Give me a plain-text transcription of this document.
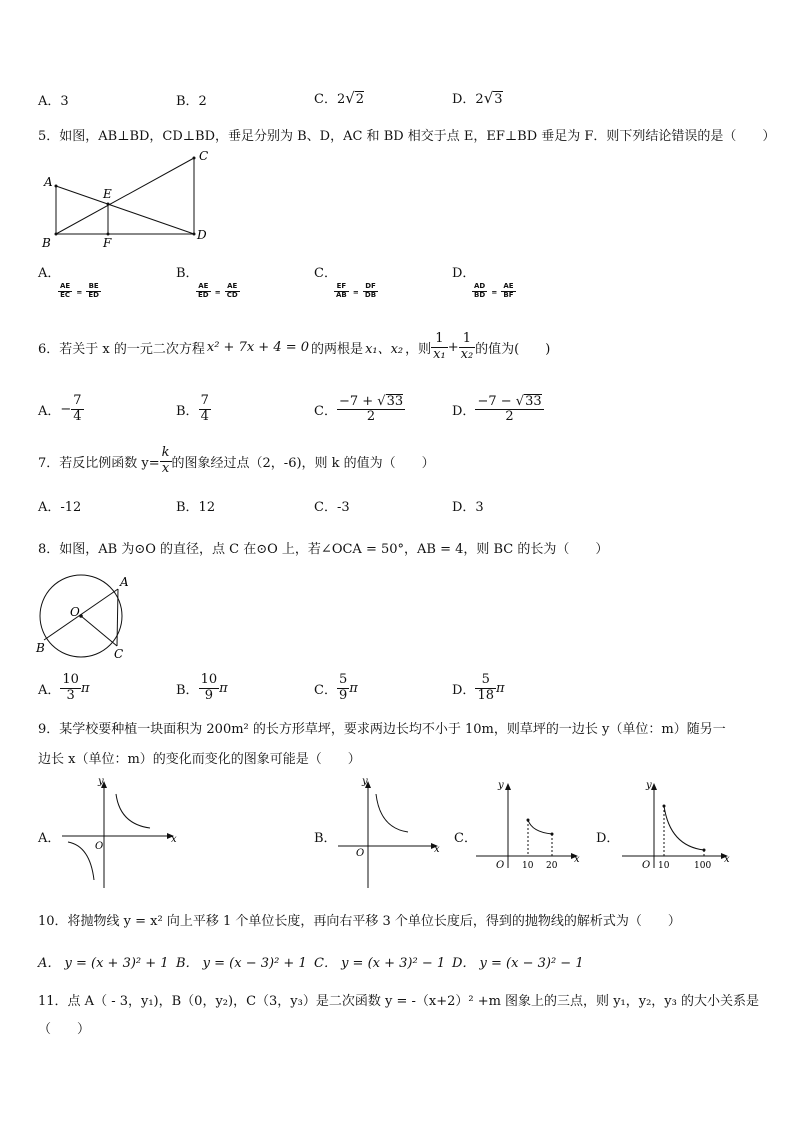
A．3	B．2	C．2√2	D．2√3
5．如图，AB⊥BD，CD⊥BD，垂足分别为 B、D，AC 和 BD 相交于点 E，EF⊥BD 垂足为 F．则下列结论错误的是（　　）
A
B
C
D
E
F
A．

$\frac{AE}{EC} = \frac{BE}{ED}$
B．

$\frac{AE}{ED} = \frac{AE}{CD}$
C．

$\frac{EF}{AB} = \frac{DF}{DB}$
D．

$\frac{AD}{BD} = \frac{AE}{BF}$
6．若关于 x 的一元二次方程 x² + 7x + 4 = 0 的两根是 x₁、x₂ ，则 $\frac{1}{\text{x₁}} + \frac{1}{\text{x₂}}$ 的值为(　　)
A． − $\frac{7}{4}$	B． $\frac{7}{4}$	C． $\frac{-7 + √33}{2}$	D． $\frac{-7 - √33}{2}$
7．若反比例函数 $y= \frac{k}{x}$ 的图象经过点（2，-6)，则 k 的值为（　　）
A．-12	B．12	C．-3	D．3
8．如图，AB 为⊙O 的直径，点 C 在⊙O 上，若∠OCA = 50°，AB = 4，则 BC 的长为（　　）
O
A
B	C
A． $\frac{10}{3}$ π	B． $\frac{10}{9}$ π	C． $\frac{5}{9}$ π	D． $\frac{5}{18}$ π
9．某学校要种植一块面积为 200m² 的长方形草坪，要求两边长均不小于 10m，则草坪的一边长 y（单位：m）随另一
边长 x（单位：m）的变化而变化的图象可能是（　　）
A．	x
y
O
B．
x
y
O
C．
x
y
O 10 20
D．
x
y
O 10	100
10．将抛物线 y = x² 向上平移 1 个单位长度，再向右平移 3 个单位长度后，得到的抛物线的解析式为（　　）
A． y = (x + 3)² + 1 B． y = (x − 3)² + 1 C． y = (x + 3)² − 1 D． y = (x − 3)² − 1
11．点 A（ - 3，y₁)，B（0，y₂)，C（3，y₃）是二次函数 y = -（x+2）² +m 图象上的三点，则 y₁，y₂，y₃ 的大小关系是
（　　）
